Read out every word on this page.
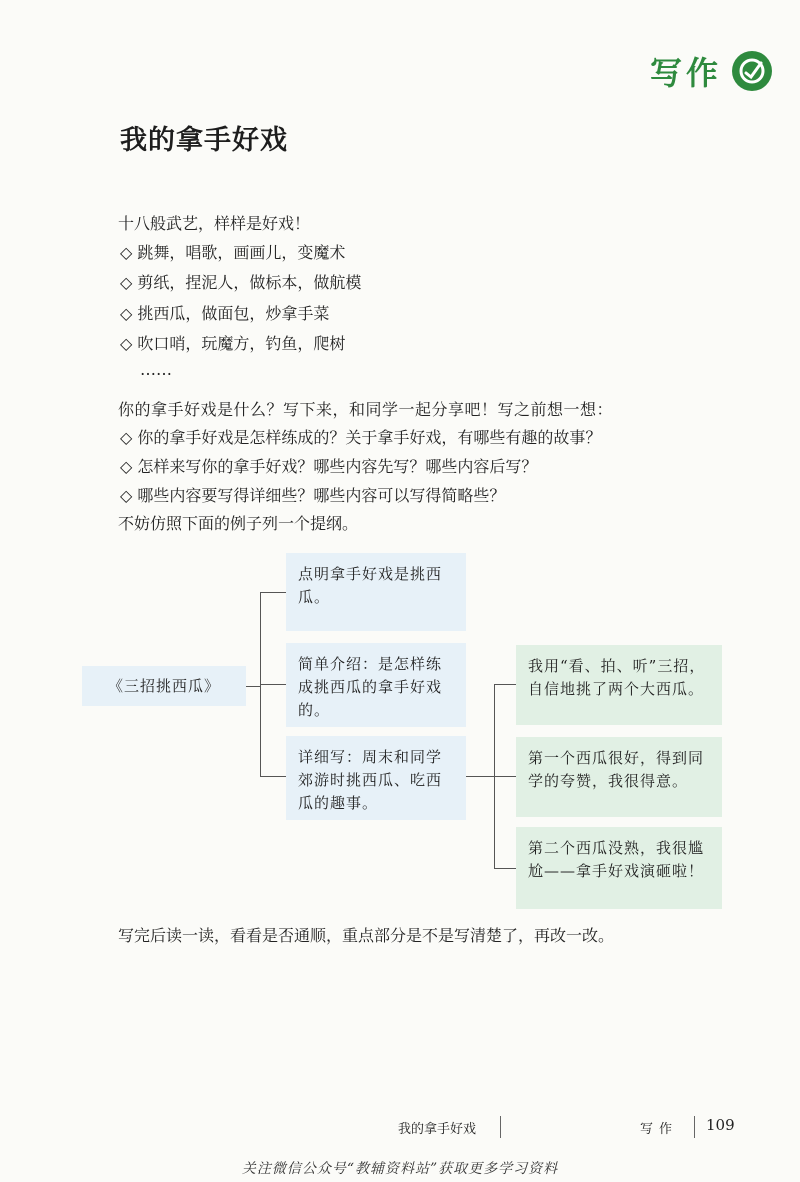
写作
我的拿手好戏
十八般武艺，样样是好戏！
◇ 跳舞，唱歌，画画儿，变魔术
◇ 剪纸，捏泥人，做标本，做航模
◇ 挑西瓜，做面包，炒拿手菜
◇ 吹口哨，玩魔方，钓鱼，爬树
……
你的拿手好戏是什么？写下来，和同学一起分享吧！写之前想一想：
◇ 你的拿手好戏是怎样练成的？关于拿手好戏，有哪些有趣的故事？
◇ 怎样来写你的拿手好戏？哪些内容先写？哪些内容后写？
◇ 哪些内容要写得详细些？哪些内容可以写得简略些？
不妨仿照下面的例子列一个提纲。
《三招挑西瓜》
点明拿手好戏是挑西瓜。
简单介绍：是怎样练成挑西瓜的拿手好戏的。
详细写：周末和同学郊游时挑西瓜、吃西瓜的趣事。
我用“看、拍、听”三招，自信地挑了两个大西瓜。
第一个西瓜很好，得到同学的夸赞，我很得意。
第二个西瓜没熟，我很尴尬——拿手好戏演砸啦！
写完后读一读，看看是否通顺，重点部分是不是写清楚了，再改一改。
我的拿手好戏	写作 109
关注微信公众号“教辅资料站”获取更多学习资料
